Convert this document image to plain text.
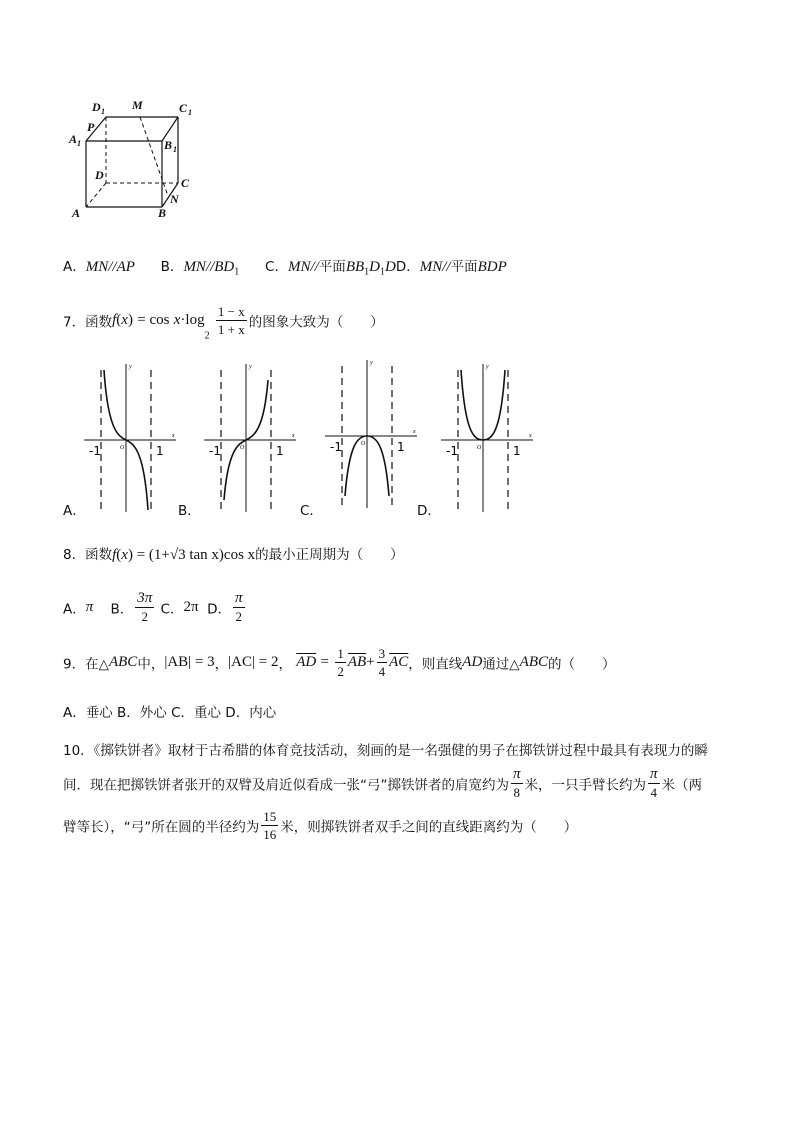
D 1 M	C 1
A 1
P
B 1
D
C
A	B
N
A．MN//AP B．$MN//BD_1$ C．MN//平面$BB_1D_1DD$．MN//平面BDP
7．函数$f(x) = \cos x\cdot\log_2 \frac{1 - x}{1 + x}$ 的图象大致为（　　）
y
x
O
-1	1
y
x
O
-1	1
y
x
O
-1	1
y
x
O
-1	1
A．	B．	C．	D．
8．函数f(x) = (1+√3 tan x)cos x的最小正周期为（　　）
A．π B． $\frac{3\pi}{2}$ C．2π D． $\frac{\pi}{2}$
9．在△ABC中，|AB| = 3，|AC| = 2， $\overline{AD} = \frac{1}{2} \overline{AB}+ \frac{3}{4} \overline{AC}$，则直线AD通过△ABC的（　　）
A．垂心 B．外心 C．重心 D．内心
10．《掷铁饼者》取材于古希腊的体育竞技活动，刻画的是一名强健的男子在掷铁饼过程中最具有表现力的瞬
间．现在把掷铁饼者张开的双臂及肩近似看成一张“弓”掷铁饼者的肩宽约为 $\frac{\pi}{8}$ 米，一只手臂长约为 $\frac{\pi}{4}$ 米（两
臂等长），“弓”所在圆的半径约为 $\frac{15}{16}$ 米，则掷铁饼者双手之间的直线距离约为（　　）
